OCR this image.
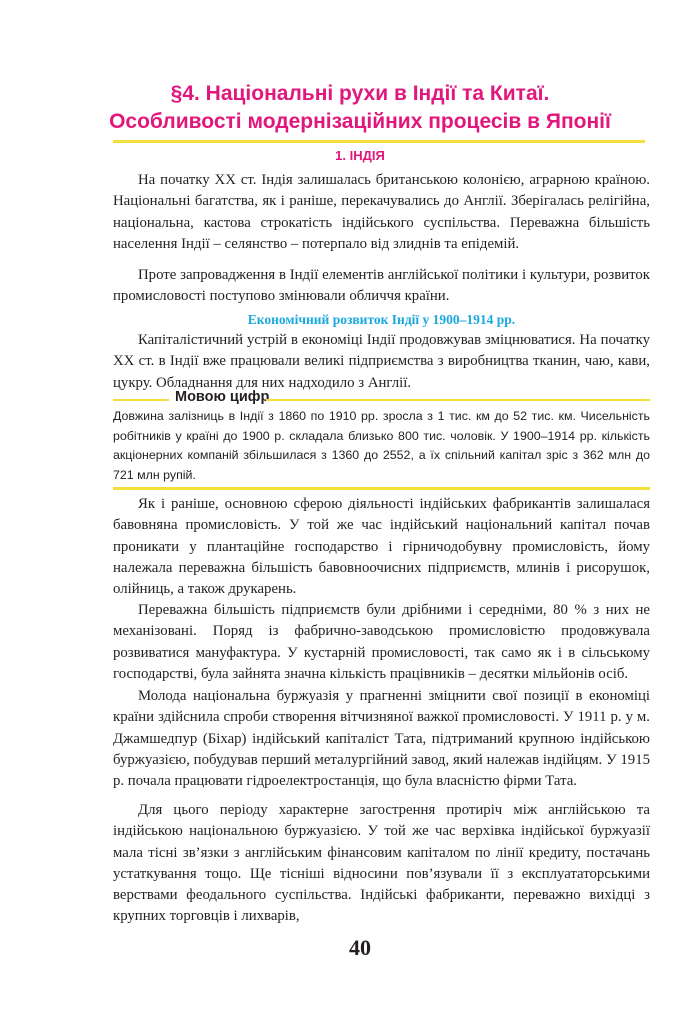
§4. Національні рухи в Індії та Китаї.
Особливості модернізаційних процесів в Японії
1. ІНДІЯ

На початку XX ст. Індія залишалась британською колонією, аграрною країною. Національні багатства, як і раніше, перекачувались до Англії. Зберігалась релігійна, національна, кастова строкатість індійського суспільства. Переважна більшість населення Індії – селянство – потерпало від злиднів та епідемій.

Проте запровадження в Індії елементів англійської політики і культури, розвиток промисловості поступово змінювали обличчя країни.

Економічний розвиток Індії у 1900–1914 рр.

Капіталістичний устрій в економіці Індії продовжував зміцнюватися. На початку XX ст. в Індії вже працювали великі підприємства з виробництва тканин, чаю, кави, цукру. Обладнання для них надходило з Англії.

Мовою цифр

Довжина залізниць в Індії з 1860 по 1910 рр. зросла з 1 тис. км до 52 тис. км. Чисельність робітників у країні до 1900 р. складала близько 800 тис. чоловік. У 1900–1914 рр. кількість акціонерних компаній збільшилася з 1360 до 2552, а їх спільний капітал зріс з 362 млн до 721 млн рупій.

Як і раніше, основною сферою діяльності індійських фабрикантів залишалася бавовняна промисловість. У той же час індійський національний капітал почав проникати у плантаційне господарство і гірничодобувну промисловість, йому належала переважна більшість бавовноочисних підприємств, млинів і рисорушок, олійниць, а також друкарень.

Переважна більшість підприємств були дрібними і середніми, 80 % з них не механізовані. Поряд із фабрично-заводською промисловістю продовжувала розвиватися мануфактура. У кустарній промисловості, так само як і в сільському господарстві, була зайнята значна кількість працівників – десятки мільйонів осіб.

Молода національна буржуазія у прагненні зміцнити свої позиції в економіці країни здійснила спроби створення вітчизняної важкої промисловості. У 1911 р. у м. Джамшедпур (Біхар) індійський капіталіст Тата, підтриманий крупною індійською буржуазією, побудував перший металургійний завод, який належав індійцям. У 1915 р. почала працювати гідроелектростанція, що була власністю фірми Тата.

Для цього періоду характерне загострення протиріч між англійською та індійською національною буржуазією. У той же час верхівка індійської буржуазії мала тісні зв’язки з англійським фінансовим капіталом по лінії кредиту, постачань устаткування тощо. Ще тісніші відносини пов’язували її з експлуататорськими верствами феодального суспільства. Індійські фабриканти, переважно вихідці з крупних торговців і лихварів,

40
